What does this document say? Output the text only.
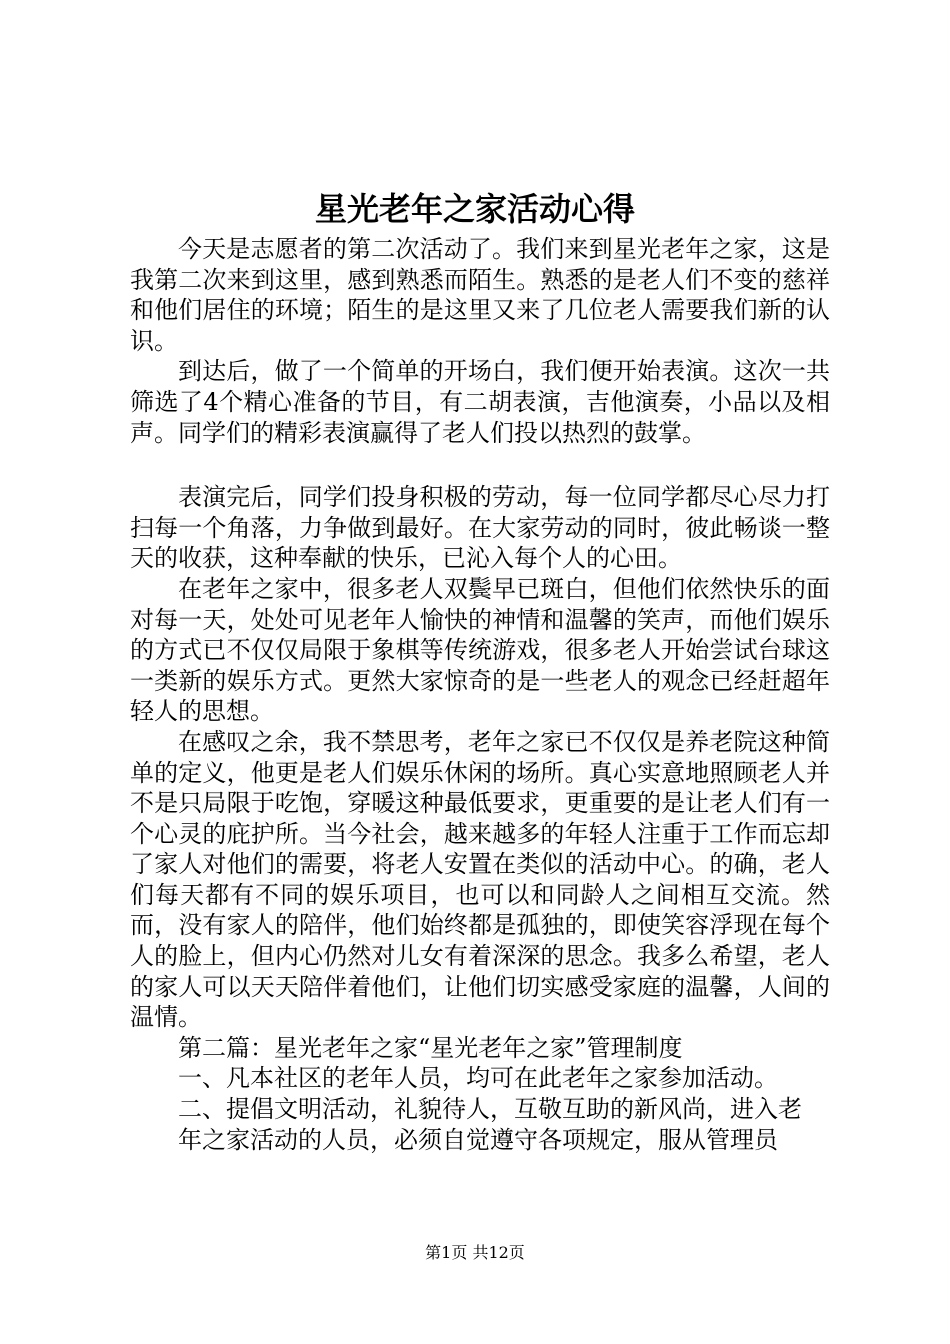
星光老年之家活动心得

今天是志愿者的第二次活动了。我们来到星光老年之家，这是我第二次来到这里，感到熟悉而陌生。熟悉的是老人们不变的慈祥和他们居住的环境；陌生的是这里又来了几位老人需要我们新的认识。

到达后，做了一个简单的开场白，我们便开始表演。这次一共筛选了4个精心准备的节目，有二胡表演，吉他演奏，小品以及相声。同学们的精彩表演赢得了老人们投以热烈的鼓掌。

表演完后，同学们投身积极的劳动，每一位同学都尽心尽力打扫每一个角落，力争做到最好。在大家劳动的同时，彼此畅谈一整天的收获，这种奉献的快乐，已沁入每个人的心田。

在老年之家中，很多老人双鬓早已斑白，但他们依然快乐的面对每一天，处处可见老年人愉快的神情和温馨的笑声，而他们娱乐的方式已不仅仅局限于象棋等传统游戏，很多老人开始尝试台球这一类新的娱乐方式。更然大家惊奇的是一些老人的观念已经赶超年轻人的思想。

在感叹之余，我不禁思考，老年之家已不仅仅是养老院这种简单的定义，他更是老人们娱乐休闲的场所。真心实意地照顾老人并不是只局限于吃饱，穿暖这种最低要求，更重要的是让老人们有一个心灵的庇护所。当今社会，越来越多的年轻人注重于工作而忘却了家人对他们的需要，将老人安置在类似的活动中心。的确，老人们每天都有不同的娱乐项目，也可以和同龄人之间相互交流。然而，没有家人的陪伴，他们始终都是孤独的，即使笑容浮现在每个人的脸上，但内心仍然对儿女有着深深的思念。我多么希望，老人的家人可以天天陪伴着他们，让他们切实感受家庭的温馨，人间的温情。

第二篇：星光老年之家“星光老年之家”管理制度

一、凡本社区的老年人员，均可在此老年之家参加活动。

二、提倡文明活动，礼貌待人，互敬互助的新风尚，进入老

年之家活动的人员，必须自觉遵守各项规定，服从管理员

第1页 共12页
